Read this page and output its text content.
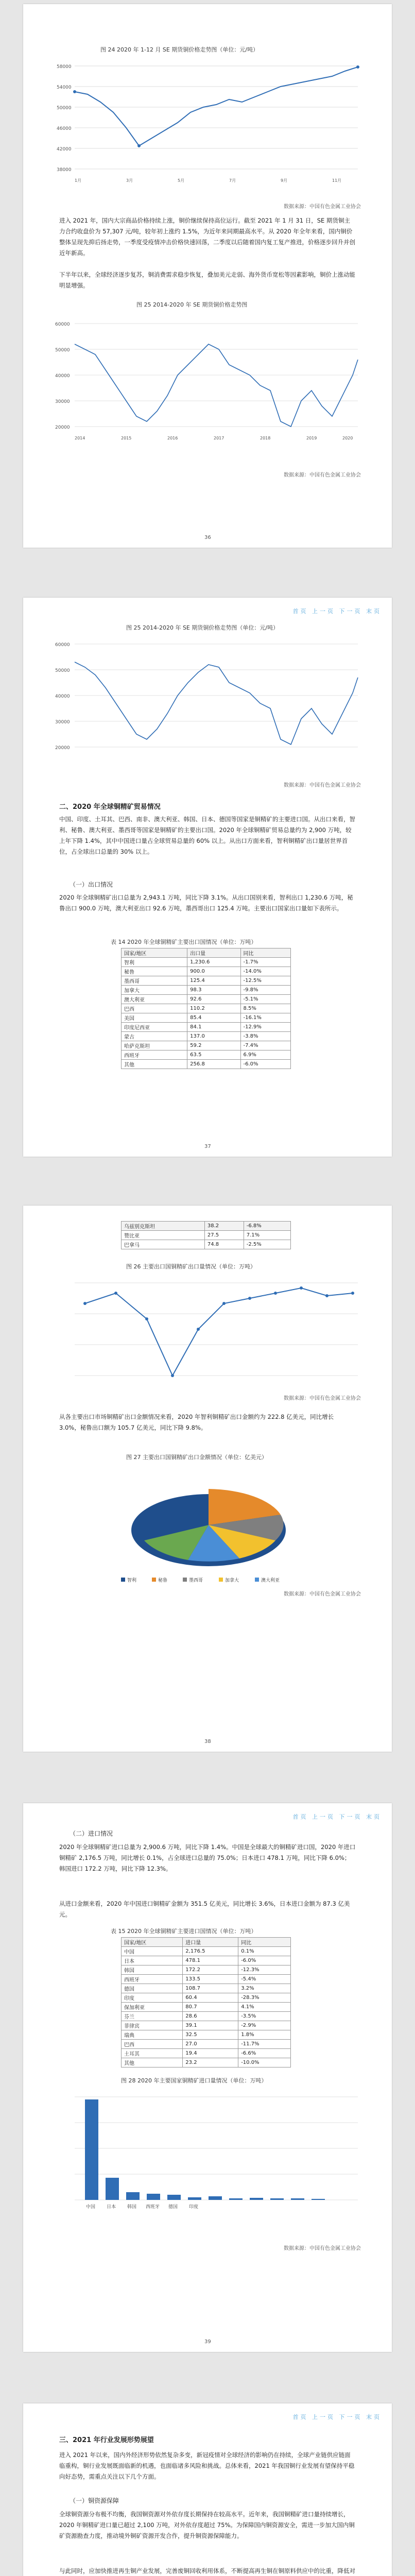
图 24 2020 年 1-12 月 SE 期货铜价格走势图（单位：元/吨）
58000
54000
50000
46000
42000
38000
1月	3月	5月	7月	9月	11月
数据来源：中国有色金属工业协会
进入 2021 年，国内大宗商品价格持续上涨，铜价继续保持高位运行。截至 2021 年 1 月 31 日，SE 期货铜主力合约收盘价为 57,307 元/吨，较年初上涨约 1.5%，为近年来同期最高水平。从 2020 年全年来看，国内铜价整体呈现先抑后扬走势，一季度受疫情冲击价格快速回落，二季度以后随着国内复工复产推进，价格逐步回升并创近年新高。
下半年以来，全球经济逐步复苏，铜消费需求稳步恢复，叠加美元走弱、海外货币宽松等因素影响，铜价上涨动能明显增强。
图 25 2014-2020 年 SE 期货铜价格走势图
60000
50000
40000
30000
20000
2014	2015	2016	2017	2018	2019	2020
数据来源：中国有色金属工业协会
36
首页 上一页 下一页 末页
图 25 2014-2020 年 SE 期货铜价格走势图（单位：元/吨）
60000
50000
40000
30000
20000
数据来源：中国有色金属工业协会
二、2020 年全球铜精矿贸易情况
中国、印度、土耳其、巴西、南非、澳大利亚、韩国、日本、德国等国家是铜精矿的主要进口国。从出口来看，智利、秘鲁、澳大利亚、墨西哥等国家是铜精矿的主要出口国。2020 年全球铜精矿贸易总量约为 2,900 万吨，较上年下降 1.4%，其中中国进口量占全球贸易总量的 60% 以上。从出口方面来看，智利铜精矿出口量居世界首位，占全球出口总量的 30% 以上。
（一）出口情况
2020 年全球铜精矿出口总量为 2,943.1 万吨，同比下降 3.1%。从出口国别来看，智利出口 1,230.6 万吨，秘鲁出口 900.0 万吨，澳大利亚出口 92.6 万吨，墨西哥出口 125.4 万吨。主要出口国家出口量如下表所示。
表 14 2020 年全球铜精矿主要出口国情况（单位：万吨）
国家/地区	出口量	同比
智利	1,230.6	-1.7%
秘鲁	900.0	-14.0%
墨西哥	125.4	-12.5%
加拿大	98.3	-9.8%
澳大利亚	92.6	-5.1%
巴西	110.2	8.5%
美国	85.4	-16.1%
印度尼西亚	84.1	-12.9%
蒙古	137.0	-3.8%
哈萨克斯坦	59.2	-7.4%
西班牙	63.5	6.9%
其他	256.8	-6.0%
37
乌兹别克斯坦	38.2	-6.8%
赞比亚	27.5	7.1%
巴拿马	74.8	-2.5%
图 26 主要出口国铜精矿出口量情况（单位：万吨）
数据来源：中国有色金属工业协会
从各主要出口市场铜精矿出口金额情况来看，2020 年智利铜精矿出口金额约为 222.8 亿美元，同比增长 3.0%，秘鲁出口额为 105.7 亿美元，同比下降 9.8%。
图 27 主要出口国铜精矿出口金额情况（单位：亿美元）
智利	秘鲁	墨西哥	加拿大	澳大利亚
数据来源：中国有色金属工业协会
38
首页 上一页 下一页 末页
（二）进口情况
2020 年全球铜精矿进口总量为 2,900.6 万吨，同比下降 1.4%。中国是全球最大的铜精矿进口国，2020 年进口铜精矿 2,176.5 万吨，同比增长 0.1%，占全球进口总量的 75.0%；日本进口 478.1 万吨，同比下降 6.0%；韩国进口 172.2 万吨，同比下降 12.3%。
从进口金额来看，2020 年中国进口铜精矿金额为 351.5 亿美元，同比增长 3.6%，日本进口金额为 87.3 亿美元。
表 15 2020 年全球铜精矿主要进口国情况（单位：万吨）
国家/地区	进口量	同比
中国	2,176.5	0.1%
日本	478.1	-6.0%
韩国	172.2	-12.3%
西班牙	133.5	-5.4%
德国	108.7	3.2%
印度	60.4	-28.3%
保加利亚	80.7	4.1%
芬兰	28.6	-3.5%
菲律宾	39.1	-2.9%
瑞典	32.5	1.8%
巴西	27.0	-11.7%
土耳其	19.4	-6.6%
其他	23.2	-10.0%
图 28 2020 年主要国家铜精矿进口量情况（单位：万吨）
中国 日本 韩国 西班牙 德国 印度
数据来源：中国有色金属工业协会
39
首页 上一页 下一页 末页
三、2021 年行业发展形势展望
进入 2021 年以来，国内外经济形势依然复杂多变，新冠疫情对全球经济的影响仍在持续，全球产业链供应链面临重构，铜行业发展既面临新的机遇，也面临诸多风险和挑战。总体来看，2021 年我国铜行业发展有望保持平稳向好态势，需重点关注以下几个方面。
（一）铜资源保障
全球铜资源分布极不均衡，我国铜资源对外依存度长期保持在较高水平。近年来，我国铜精矿进口量持续增长，2020 年铜精矿进口量已超过 2,100 万吨，对外依存度超过 75%。为保障国内铜资源安全，需进一步加大国内铜矿资源勘查力度，推动境外铜矿资源开发合作，提升铜资源保障能力。
与此同时，应加快推进再生铜产业发展，完善废铜回收利用体系，不断提高再生铜在铜原料供应中的比重，降低对
